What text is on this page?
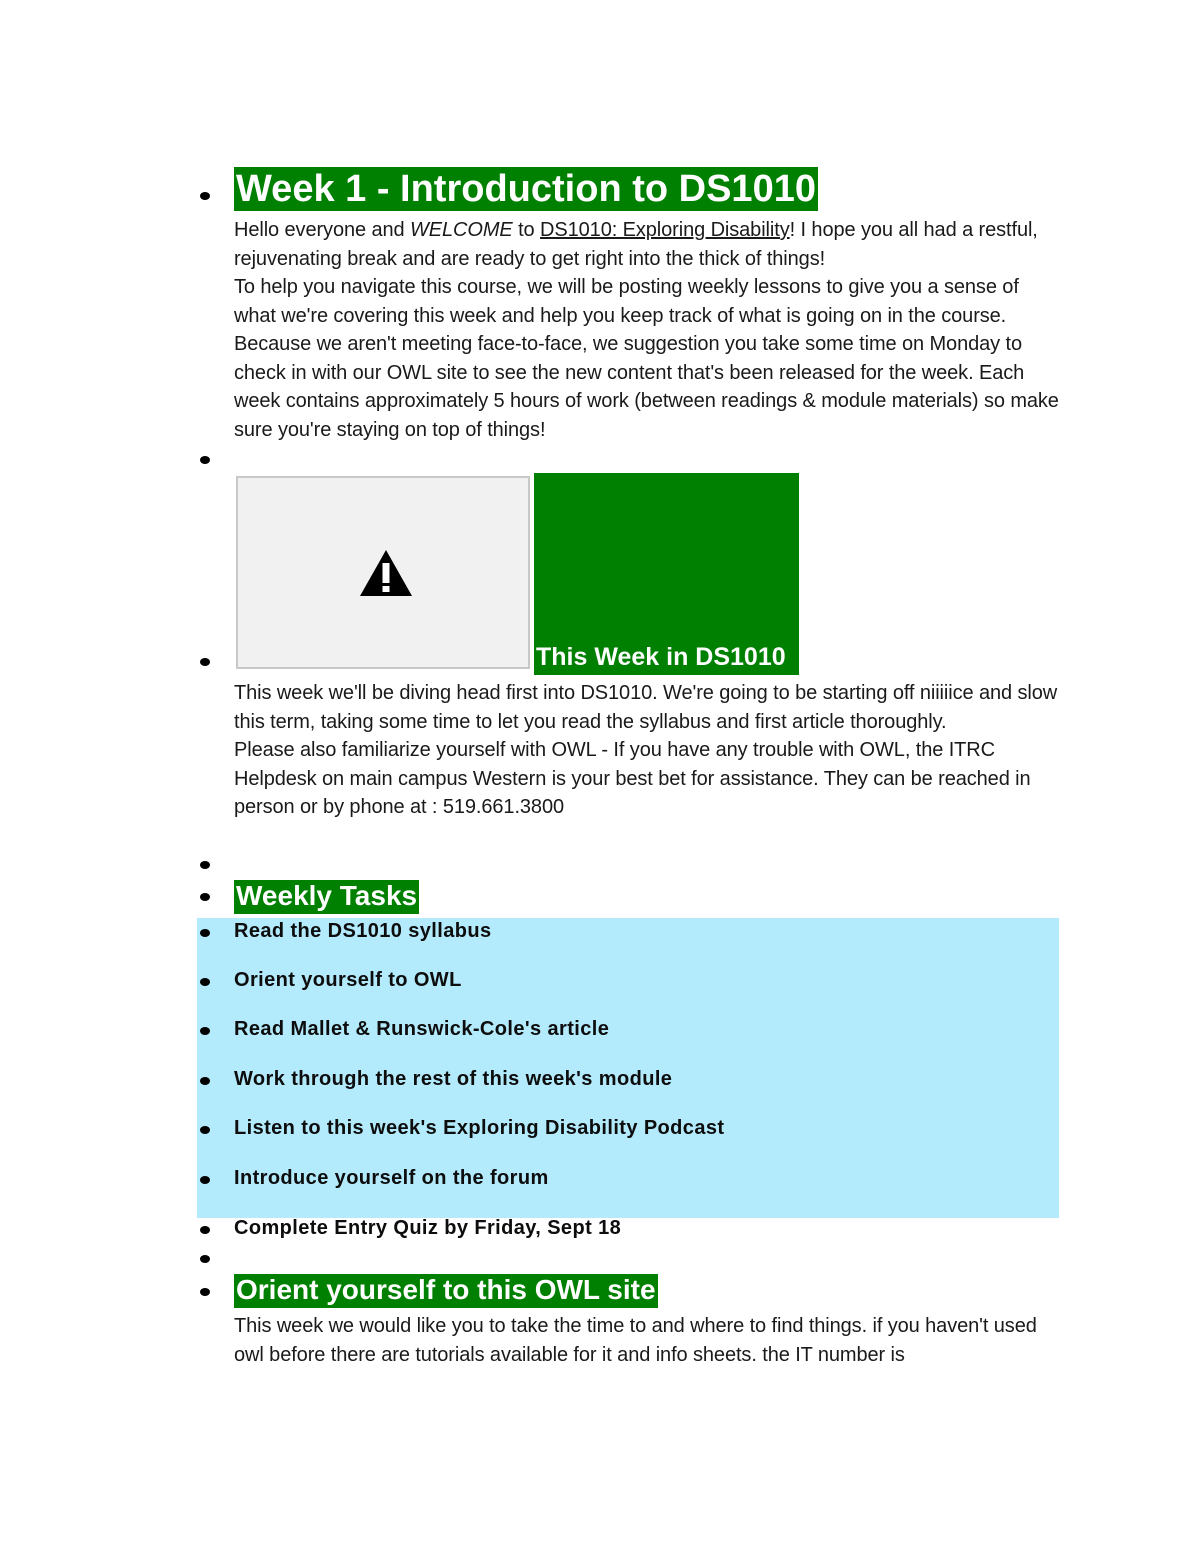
Week 1 - Introduction to DS1010
Hello everyone and WELCOME to DS1010: Exploring Disability! I hope you all had a restful, rejuvenating break and are ready to get right into the thick of things!
To help you navigate this course, we will be posting weekly lessons to give you a sense of what we're covering this week and help you keep track of what is going on in the course. Because we aren't meeting face-to-face, we suggestion you take some time on Monday to check in with our OWL site to see the new content that's been released for the week. Each week contains approximately 5 hours of work (between readings & module materials) so make sure you're staying on top of things!
This Week in DS1010
This week we'll be diving head first into DS1010. We're going to be starting off niiiiice and slow this term, taking some time to let you read the syllabus and first article thoroughly.
Please also familiarize yourself with OWL - If you have any trouble with OWL, the ITRC Helpdesk on main campus Western is your best bet for assistance. They can be reached in person or by phone at : 519.661.3800
Weekly Tasks
Read the DS1010 syllabus
Orient yourself to OWL
Read Mallet & Runswick-Cole's article
Work through the rest of this week's module
Listen to this week's Exploring Disability Podcast
Introduce yourself on the forum
Complete Entry Quiz by Friday, Sept 18
Orient yourself to this OWL site
This week we would like you to take the time to and where to find things. if you haven't used owl before there are tutorials available for it and info sheets. the IT number is
